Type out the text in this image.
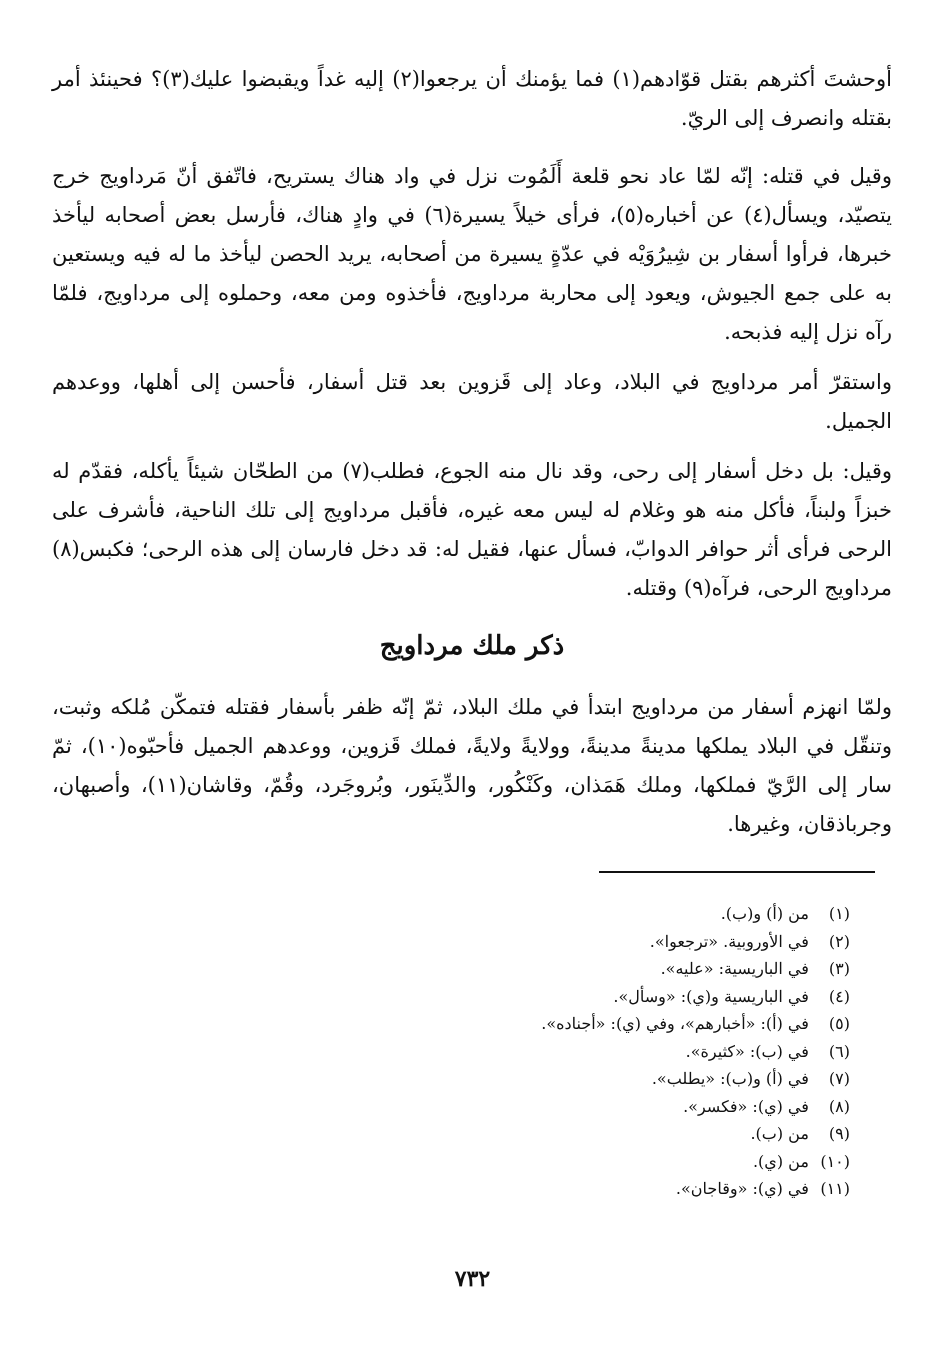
أوحشتَ أكثرهم بقتل قوّادهم(١) فما يؤمنك أن يرجعوا(٢) إليه غداً ويقبضوا عليك(٣)؟ فحينئذ أمر بقتله وانصرف إلى الريّ.

وقيل في قتله: إنّه لمّا عاد نحو قلعة أَلَمُوت نزل في واد هناك يستريح، فاتّفق أنّ مَرداويج خرج يتصيّد، ويسأل(٤) عن أخباره(٥)، فرأى خيلاً يسيرة(٦) في وادٍ هناك، فأرسل بعض أصحابه ليأخذ خبرها، فرأوا أسفار بن شِيرُوَيْه في عدّةٍ يسيرة من أصحابه، يريد الحصن ليأخذ ما له فيه ويستعين به على جمع الجيوش، ويعود إلى محاربة مرداويج، فأخذوه ومن معه، وحملوه إلى مرداويج، فلمّا رآه نزل إليه فذبحه.

واستقرّ أمر مرداويج في البلاد، وعاد إلى قَزوين بعد قتل أسفار، فأحسن إلى أهلها، ووعدهم الجميل.

وقيل: بل دخل أسفار إلى رحى، وقد نال منه الجوع، فطلب(٧) من الطحّان شيئاً يأكله، فقدّم له خبزاً ولبناً، فأكل منه هو وغلام له ليس معه غيره، فأقبل مرداويج إلى تلك الناحية، فأشرف على الرحى فرأى أثر حوافر الدوابّ، فسأل عنها، فقيل له: قد دخل فارسان إلى هذه الرحى؛ فكبس(٨) مرداويج الرحى، فرآه(٩) وقتله.

ذكر ملك مرداويج

ولمّا انهزم أسفار من مرداويج ابتدأ في ملك البلاد، ثمّ إنّه ظفر بأسفار فقتله فتمكّن مُلكه وثبت، وتنقّل في البلاد يملكها مدينةً مدينةً، وولايةً ولايةً، فملك قَزوين، ووعدهم الجميل فأحبّوه(١٠)، ثمّ سار إلى الرَّيّ فملكها، وملك هَمَذان، وكَنْكُور، والدِّينَور، وبُروجَرد، وقُمّ، وقاشان(١١)، وأصبهان، وجرباذقان، وغيرها.

(١) من (أ) و(ب).
(٢) في الأوروبية. «ترجعوا».
(٣) في الباريسية: «عليه».
(٤) في الباريسية و(ي): «وسأل».
(٥) في (أ): «أخبارهم»، وفي (ي): «أجناده».
(٦) في (ب): «كثيرة».
(٧) في (أ) و(ب): «يطلب».
(٨) في (ي): «فكسر».
(٩) من (ب).
(١٠) من (ي).
(١١) في (ي): «وقاجان».
٧٣٢
